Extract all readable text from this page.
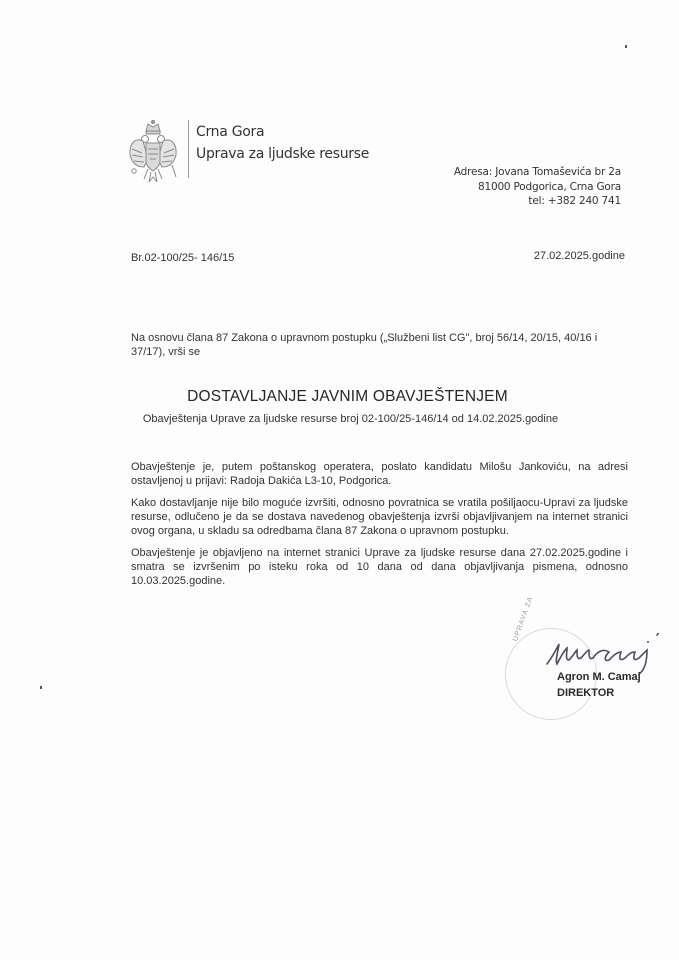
Crna Gora
Uprava za ljudske resurse
Adresa: Jovana Tomaševića br 2a
81000 Podgorica, Crna Gora
tel: +382 240 741
Br.02-100/25- 146/15	27.02.2025.godine
Na osnovu člana 87 Zakona o upravnom postupku („Službeni list CG", broj 56/14, 20/15, 40/16 i 37/17), vrši se
DOSTAVLJANJE JAVNIM OBAVJEŠTENJEM
Obavještenja Uprave za ljudske resurse broj 02-100/25-146/14 od 14.02.2025.godine

Obavještenje je, putem poštanskog operatera, poslato kandidatu Milošu Jankoviću, na adresi ostavljenoj u prijavi: Radoja Dakića L3-10, Podgorica.

Kako dostavljanje nije bilo moguće izvršiti, odnosno povratnica se vratila pošiljaocu-Upravi za ljudske resurse, odlučeno je da se dostava navedenog obavještenja izvrši objavljivanjem na internet stranici ovog organa, u skladu sa odredbama člana 87 Zakona o upravnom postupku.

Obavještenje je objavljeno na internet stranici Uprave za ljudske resurse dana 27.02.2025.godine i smatra se izvršenim po isteku roka od 10 dana od dana objavljivanja pismena, odnosno 10.03.2025.godine.

UPRAVA ZA
Agron M. Camaj
DIREKTOR
